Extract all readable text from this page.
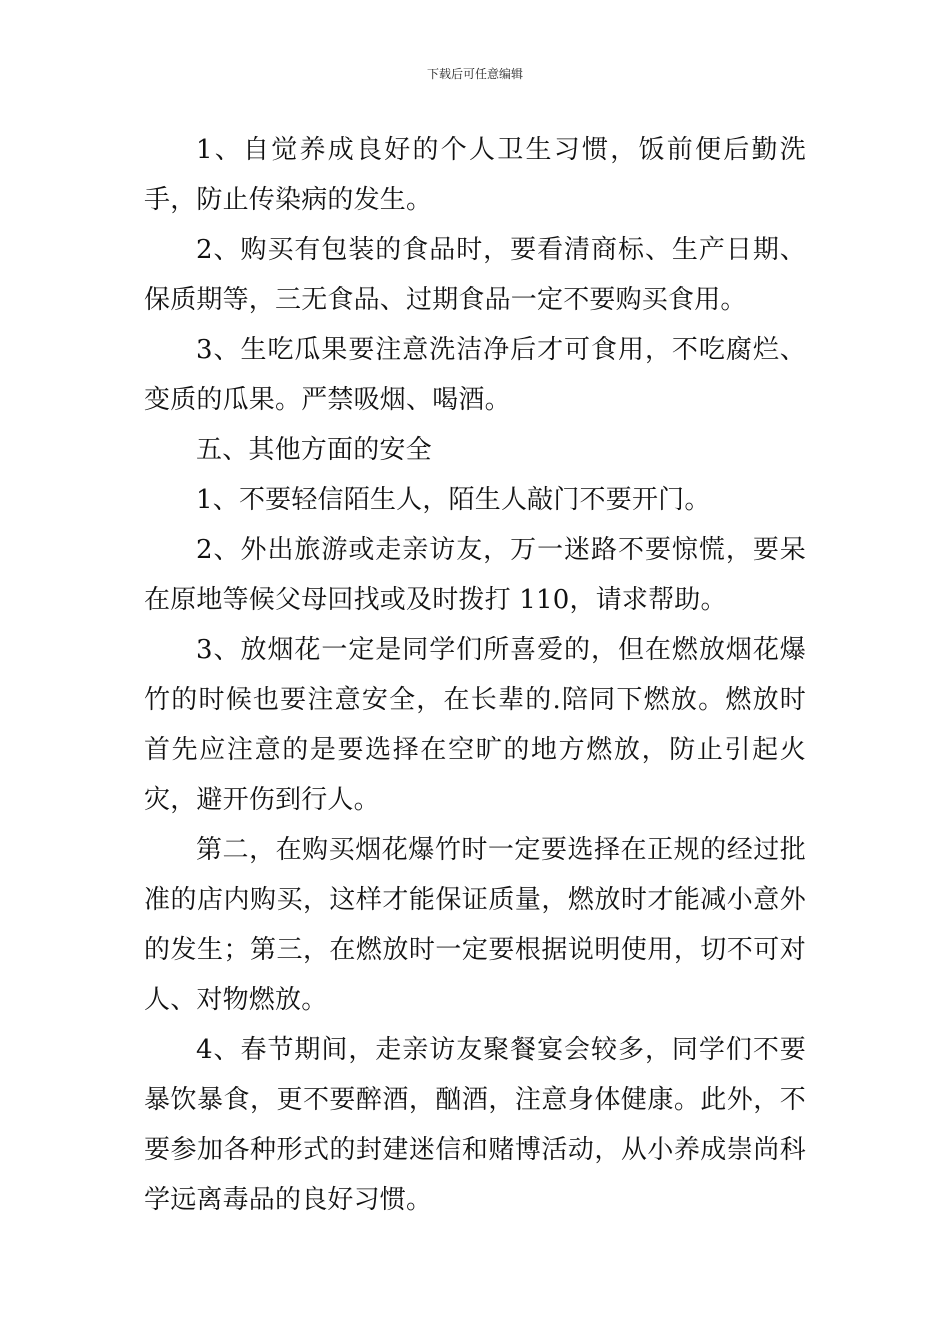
下载后可任意编辑

1、自觉养成良好的个人卫生习惯，饭前便后勤洗手，防止传染病的发生。

2、购买有包装的食品时，要看清商标、生产日期、保质期等，三无食品、过期食品一定不要购买食用。

3、生吃瓜果要注意洗洁净后才可食用，不吃腐烂、变质的瓜果。严禁吸烟、喝酒。

五、其他方面的安全

1、不要轻信陌生人，陌生人敲门不要开门。

2、外出旅游或走亲访友，万一迷路不要惊慌，要呆在原地等候父母回找或及时拨打 110，请求帮助。

3、放烟花一定是同学们所喜爱的，但在燃放烟花爆竹的时候也要注意安全，在长辈的.陪同下燃放。燃放时首先应注意的是要选择在空旷的地方燃放，防止引起火灾，避开伤到行人。

第二，在购买烟花爆竹时一定要选择在正规的经过批准的店内购买，这样才能保证质量，燃放时才能减小意外的发生；第三，在燃放时一定要根据说明使用，切不可对人、对物燃放。

4、春节期间，走亲访友聚餐宴会较多，同学们不要暴饮暴食，更不要醉酒，酗酒，注意身体健康。此外，不要参加各种形式的封建迷信和赌博活动，从小养成崇尚科学远离毒品的良好习惯。
